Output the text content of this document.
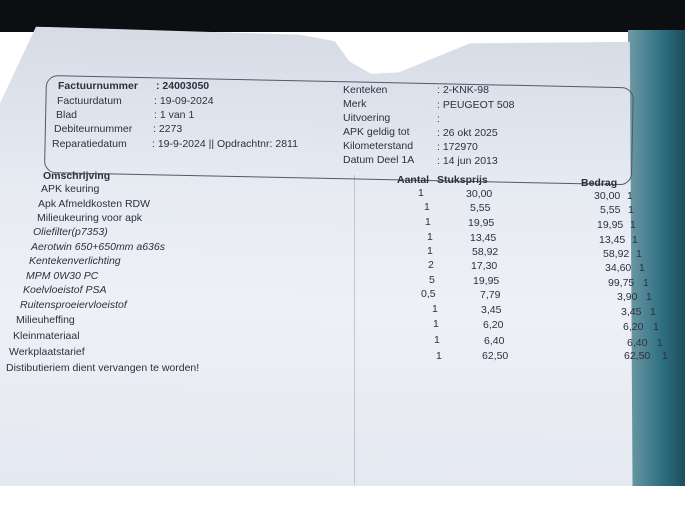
Factuurnummer : 24003050
Factuurdatum	: 19-09-2024
Blad	: 1 van 1
Debiteurnummer : 2273
Reparatiedatum : 19-9-2024 || Opdrachtnr: 2811
Kenteken	: 2-KNK-98
Merk	: PEUGEOT 508
Uitvoering	:
APK geldig tot	: 26 okt 2025
Kilometerstand : 172970
Datum Deel 1A : 14 jun 2013
Omschrijving	Aantal Stuksprijs	Bedrag
APK keuring	1	30,00	30,00 1
Apk Afmeldkosten RDW	1	5,55	5,55 1
Milieukeuring voor apk	1	19,95	19,95 1
Oliefilter(p7353)	1	13,45	13,45 1
Aerotwin 650+650mm a636s	1	58,92	58,92 1
Kentekenverlichting	2	17,30	34,60 1
MPM 0W30 PC	5	19,95	99,75 1
Koelvloeistof PSA	0,5	7,79	3,90 1
Ruitensproeiervloeistof	1	3,45	3,45 1
Milieuheffing	1	6,20	6,20 1
Kleinmateriaal	1	6,40	6,40 1
Werkplaatstarief	1	62,50	62,50 1
Distibutieriem dient vervangen te worden!
